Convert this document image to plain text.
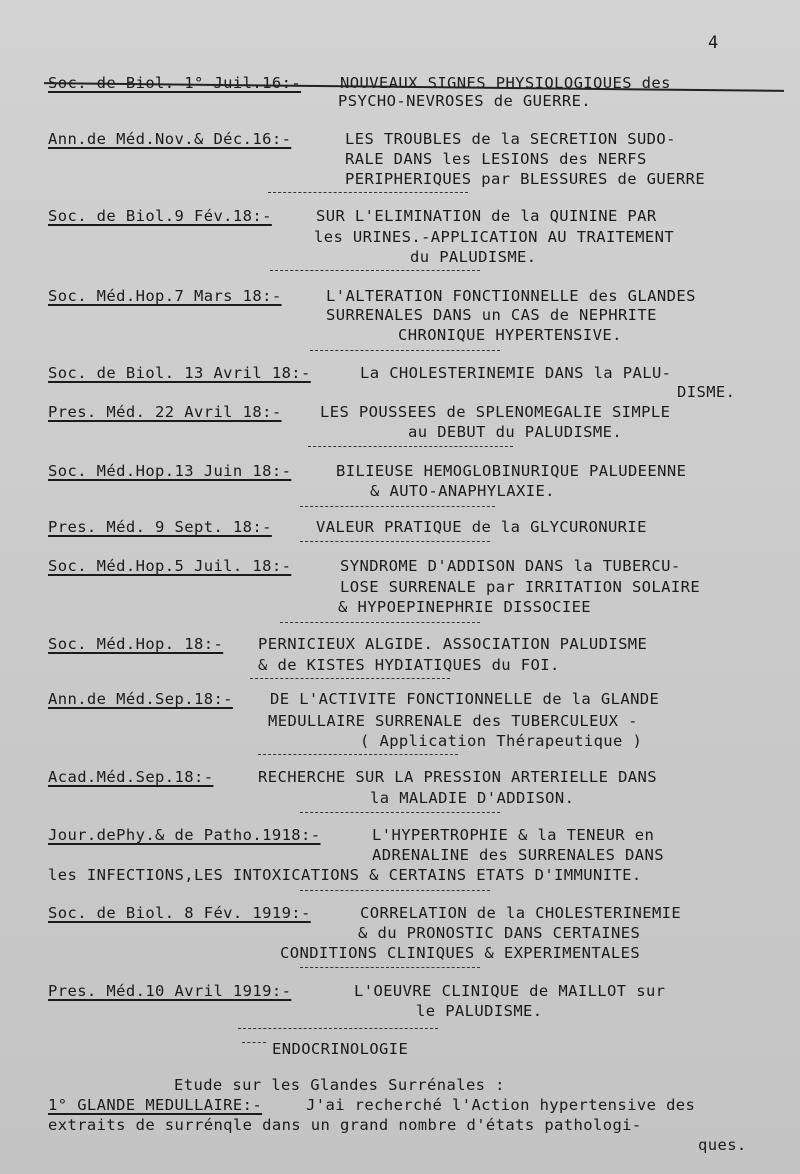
4
Soc. de Biol. 1° Juil.16:-	NOUVEAUX SIGNES PHYSIOLOGIQUES des
PSYCHO-NEVROSES de GUERRE.
Ann.de Méd.Nov.& Déc.16:-	LES TROUBLES de la SECRETION SUDO-
RALE DANS les LESIONS des NERFS
PERIPHERIQUES par BLESSURES de GUERRE
Soc. de Biol.9 Fév.18:-	SUR L'ELIMINATION de la QUININE PAR
les URINES.-APPLICATION AU TRAITEMENT
du PALUDISME.
Soc. Méd.Hop.7 Mars 18:-	L'ALTERATION FONCTIONNELLE des GLANDES
SURRENALES DANS un CAS de NEPHRITE
CHRONIQUE HYPERTENSIVE.
Soc. de Biol. 13 Avril 18:-	La CHOLESTERINEMIE DANS la PALU-
DISME.
Pres. Méd. 22 Avril 18:- LES POUSSEES de SPLENOMEGALIE SIMPLE
au DEBUT du PALUDISME.
Soc. Méd.Hop.13 Juin 18:-	BILIEUSE HEMOGLOBINURIQUE PALUDEENNE
& AUTO-ANAPHYLAXIE.
Pres. Méd. 9 Sept. 18:-	VALEUR PRATIQUE de la GLYCURONURIE
Soc. Méd.Hop.5 Juil. 18:-	SYNDROME D'ADDISON DANS la TUBERCU-
LOSE SURRENALE par IRRITATION SOLAIRE
& HYPOEPINEPHRIE DISSOCIEE
Soc. Méd.Hop. 18:- PERNICIEUX ALGIDE. ASSOCIATION PALUDISME
& de KISTES HYDIATIQUES du FOI.
Ann.de Méd.Sep.18:- DE L'ACTIVITE FONCTIONNELLE de la GLANDE
MEDULLAIRE SURRENALE des TUBERCULEUX -
( Application Thérapeutique )
Acad.Méd.Sep.18:-	RECHERCHE SUR LA PRESSION ARTERIELLE DANS
la MALADIE D'ADDISON.
Jour.dePhy.& de Patho.1918:-	L'HYPERTROPHIE & la TENEUR en
ADRENALINE des SURRENALES DANS
les INFECTIONS,LES INTOXICATIONS & CERTAINS ETATS D'IMMUNITE.
Soc. de Biol. 8 Fév. 1919:-	CORRELATION de la CHOLESTERINEMIE
& du PRONOSTIC DANS CERTAINES
CONDITIONS CLINIQUES & EXPERIMENTALES
Pres. Méd.10 Avril 1919:-	L'OEUVRE CLINIQUE de MAILLOT sur
le PALUDISME.
ENDOCRINOLOGIE
Etude sur les Glandes Surrénales :
1° GLANDE MEDULLAIRE:-	J'ai recherché l'Action hypertensive des
extraits de surrénqle dans un grand nombre d'états pathologi-
ques.
